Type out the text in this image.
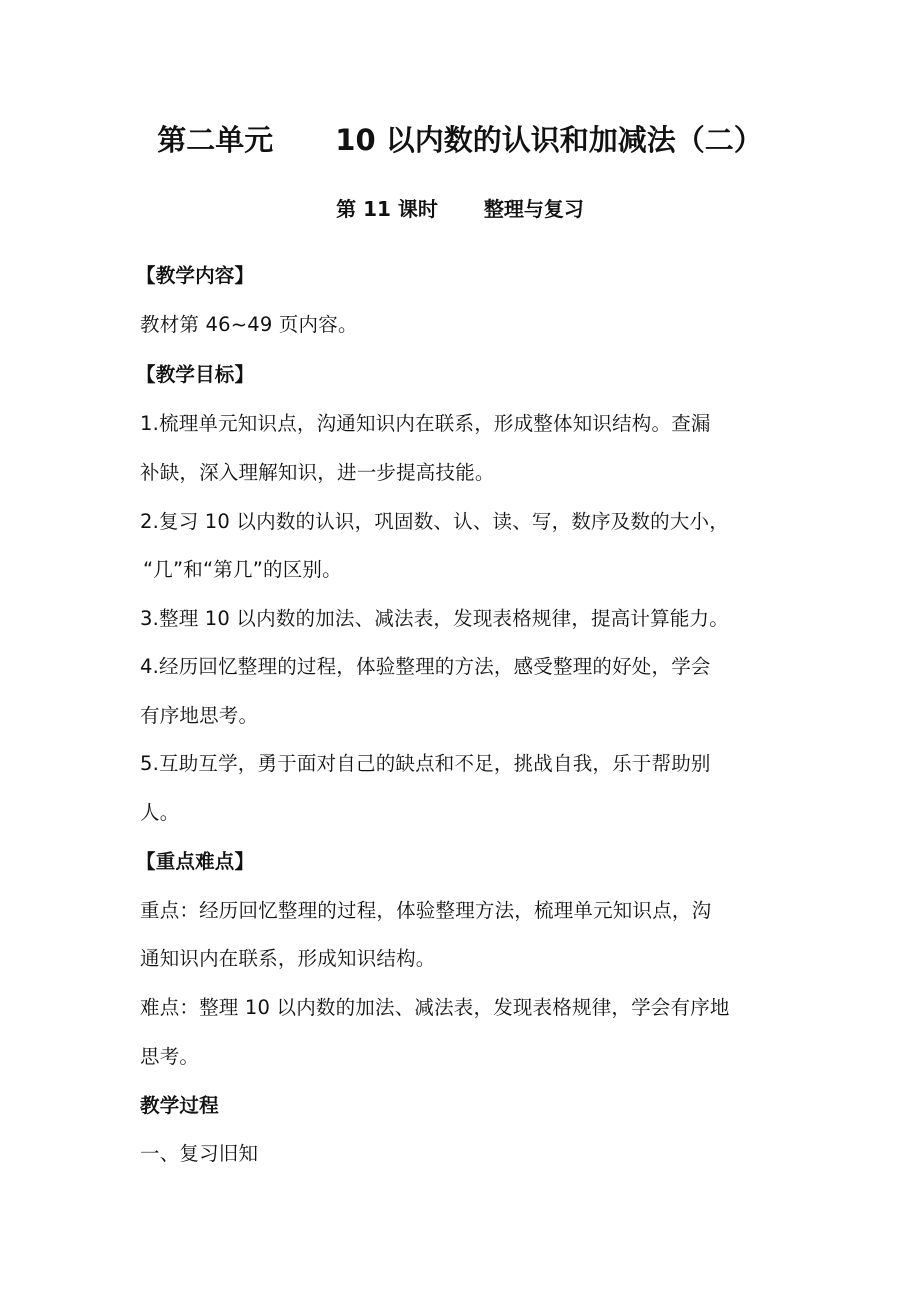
第二单元 10 以内数的认识和加减法（二）
第 11 课时 整理与复习
【教学内容】
教材第 46~49 页内容。
【教学目标】
1.梳理单元知识点，沟通知识内在联系，形成整体知识结构。查漏
补缺，深入理解知识，进一步提高技能。
2.复习 10 以内数的认识，巩固数、认、读、写，数序及数的大小，
“几”和“第几”的区别。
3.整理 10 以内数的加法、减法表，发现表格规律，提高计算能力。
4.经历回忆整理的过程，体验整理的方法，感受整理的好处，学会
有序地思考。
5.互助互学，勇于面对自己的缺点和不足，挑战自我，乐于帮助别
人。
【重点难点】
重点：经历回忆整理的过程，体验整理方法，梳理单元知识点，沟
通知识内在联系，形成知识结构。
难点：整理 10 以内数的加法、减法表，发现表格规律，学会有序地
思考。
教学过程
一、复习旧知
